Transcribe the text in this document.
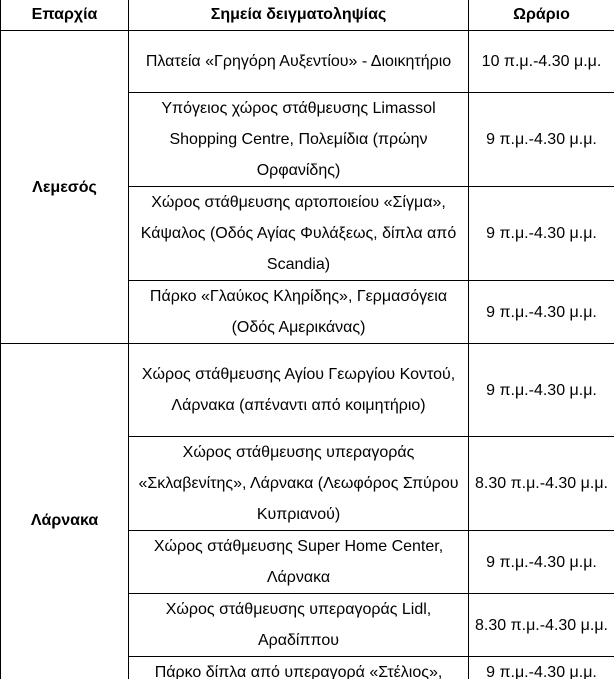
Επαρχία	Σημεία δειγματοληψίας	Ωράριο
Λεμεσός	Πλατεία «Γρηγόρη Αυξεντίου» - Διοικητήριο	10 π.μ.-4.30 μ.μ.
	Υπόγειος χώρος στάθμευσης Limassol Shopping Centre, Πολεμίδια (πρώην Ορφανίδης)	9 π.μ.-4.30 μ.μ.
	Χώρος στάθμευσης αρτοποιείου «Σίγμα», Κάψαλος (Οδός Αγίας Φυλάξεως, δίπλα από Scandia)	9 π.μ.-4.30 μ.μ.
	Πάρκο «Γλαύκος Κληρίδης», Γερμασόγεια (Οδός Αμερικάνας)	9 π.μ.-4.30 μ.μ.
Λάρνακα	Χώρος στάθμευσης Αγίου Γεωργίου Κοντού, Λάρνακα (απέναντι από κοιμητήριο)	9 π.μ.-4.30 μ.μ.
	Χώρος στάθμευσης υπεραγοράς «Σκλαβενίτης», Λάρνακα (Λεωφόρος Σπύρου Κυπριανού)	8.30 π.μ.-4.30 μ.μ.
	Χώρος στάθμευσης Super Home Center, Λάρνακα	9 π.μ.-4.30 μ.μ.
	Χώρος στάθμευσης υπεραγοράς Lidl, Αραδίππου	8.30 π.μ.-4.30 μ.μ.
	Πάρκο δίπλα από υπεραγορά «Στέλιος»,	9 π.μ.-4.30 μ.μ.
